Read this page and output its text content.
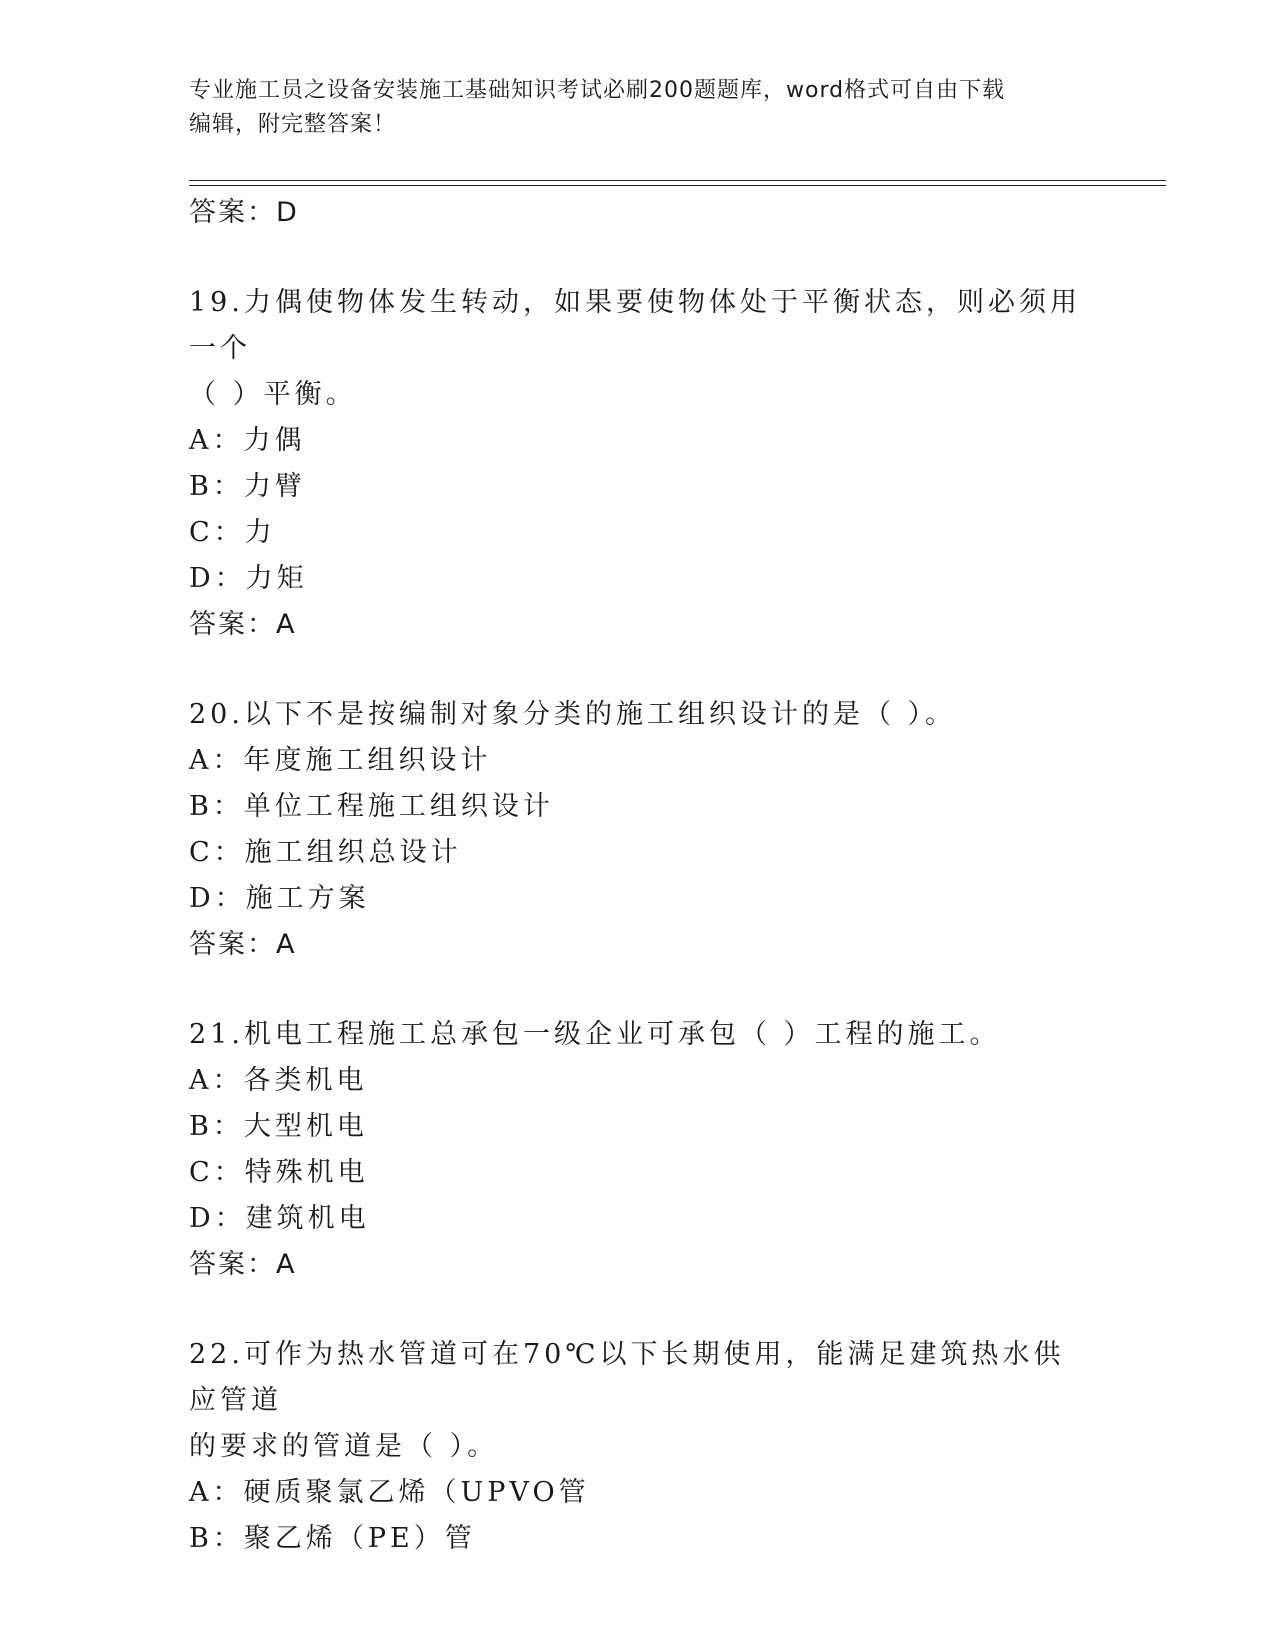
专业施工员之设备安装施工基础知识考试必刷200题题库，word格式可自由下载
编辑，附完整答案！
答案：D
19.力偶使物体发生转动，如果要使物体处于平衡状态，则必须用一个
（ ）平衡。
A：力偶
B：力臂
C：力
D：力矩
答案：A
20.以下不是按编制对象分类的施工组织设计的是（ ）。
A：年度施工组织设计
B：单位工程施工组织设计
C：施工组织总设计
D：施工方案
答案：A
21.机电工程施工总承包一级企业可承包（ ）工程的施工。
A：各类机电
B：大型机电
C：特殊机电
D：建筑机电
答案：A
22.可作为热水管道可在70℃以下长期使用，能满足建筑热水供应管道
的要求的管道是（ ）。
A：硬质聚氯乙烯（UPVO管
B：聚乙烯（PE）管
